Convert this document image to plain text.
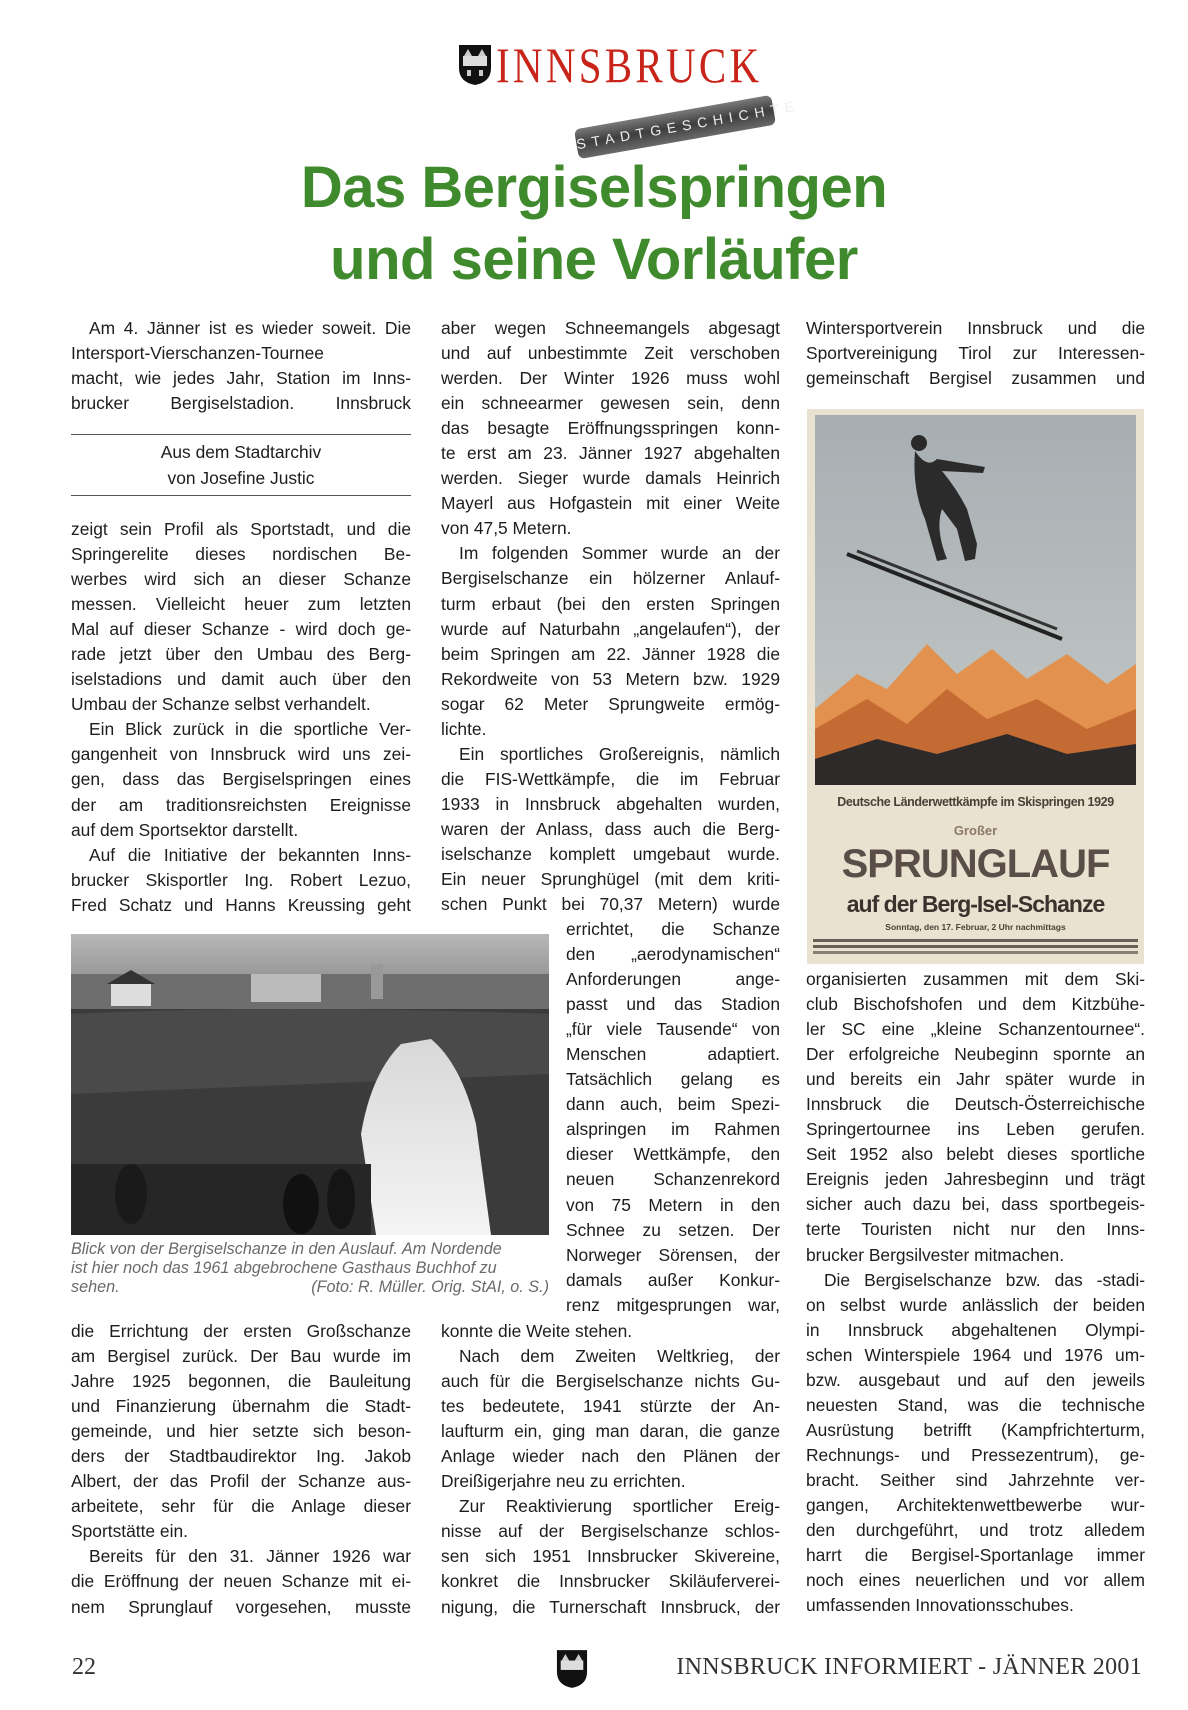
INNSBRUCK
STADTGESCHICHTE
Das Bergiselspringen
und seine Vorläufer
Am 4. Jänner ist es wieder soweit. Die
Intersport-Vierschanzen-Tournee
macht, wie jedes Jahr, Station im Inns-
brucker Bergiselstadion. Innsbruck
Aus dem Stadtarchiv
von Josefine Justic
zeigt sein Profil als Sportstadt, und die
Springerelite dieses nordischen Be-
werbes wird sich an dieser Schanze
messen. Vielleicht heuer zum letzten
Mal auf dieser Schanze - wird doch ge-
rade jetzt über den Umbau des Berg-
iselstadions und damit auch über den
Umbau der Schanze selbst verhandelt.
Ein Blick zurück in die sportliche Ver-
gangenheit von Innsbruck wird uns zei-
gen, dass das Bergiselspringen eines
der am traditionsreichsten Ereignisse
auf dem Sportsektor darstellt.
Auf die Initiative der bekannten Inns-
brucker Skisportler Ing. Robert Lezuo,
Fred Schatz und Hanns Kreussing geht
Blick von der Bergiselschanze in den Auslauf. Am Nordende
ist hier noch das 1961 abgebrochene Gasthaus Buchhof zu
sehen.	(Foto: R. Müller. Orig. StAI, o. S.)
die Errichtung der ersten Großschanze
am Bergisel zurück. Der Bau wurde im
Jahre 1925 begonnen, die Bauleitung
und Finanzierung übernahm die Stadt-
gemeinde, und hier setzte sich beson-
ders der Stadtbaudirektor Ing. Jakob
Albert, der das Profil der Schanze aus-
arbeitete, sehr für die Anlage dieser
Sportstätte ein.
Bereits für den 31. Jänner 1926 war
die Eröffnung der neuen Schanze mit ei-
nem Sprunglauf vorgesehen, musste
aber wegen Schneemangels abgesagt
und auf unbestimmte Zeit verschoben
werden. Der Winter 1926 muss wohl
ein schneearmer gewesen sein, denn
das besagte Eröffnungsspringen konn-
te erst am 23. Jänner 1927 abgehalten
werden. Sieger wurde damals Heinrich
Mayerl aus Hofgastein mit einer Weite
von 47,5 Metern.
Im folgenden Sommer wurde an der
Bergiselschanze ein hölzerner Anlauf-
turm erbaut (bei den ersten Springen
wurde auf Naturbahn „angelaufen“), der
beim Springen am 22. Jänner 1928 die
Rekordweite von 53 Metern bzw. 1929
sogar 62 Meter Sprungweite ermög-
lichte.
Ein sportliches Großereignis, nämlich
die FIS-Wettkämpfe, die im Februar
1933 in Innsbruck abgehalten wurden,
waren der Anlass, dass auch die Berg-
iselschanze komplett umgebaut wurde.
Ein neuer Sprunghügel (mit dem kriti-
schen Punkt bei 70,37 Metern) wurde
errichtet, die Schanze
den „aerodynamischen“
Anforderungen ange-
passt und das Stadion
„für viele Tausende“ von
Menschen adaptiert.
Tatsächlich gelang es
dann auch, beim Spezi-
alspringen im Rahmen
dieser Wettkämpfe, den
neuen Schanzenrekord
von 75 Metern in den
Schnee zu setzen. Der
Norweger Sörensen, der
damals außer Konkur-
renz mitgesprungen war,
konnte die Weite stehen.
Nach dem Zweiten Weltkrieg, der
auch für die Bergiselschanze nichts Gu-
tes bedeutete, 1941 stürzte der An-
laufturm ein, ging man daran, die ganze
Anlage wieder nach den Plänen der
Dreißigerjahre neu zu errichten.
Zur Reaktivierung sportlicher Ereig-
nisse auf der Bergiselschanze schlos-
sen sich 1951 Innsbrucker Skivereine,
konkret die Innsbrucker Skiläuferverei-
nigung, die Turnerschaft Innsbruck, der
Wintersportverein Innsbruck und die
Sportvereinigung Tirol zur Interessen-
gemeinschaft Bergisel zusammen und
Deutsche Länderwettkämpfe im Skispringen 1929
Großer
SPRUNGLAUF
auf der Berg-Isel-Schanze
Sonntag, den 17. Februar, 2 Uhr nachmittags
organisierten zusammen mit dem Ski-
club Bischofshofen und dem Kitzbühe-
ler SC eine „kleine Schanzentournee“.
Der erfolgreiche Neubeginn spornte an
und bereits ein Jahr später wurde in
Innsbruck die Deutsch-Österreichische
Springertournee ins Leben gerufen.
Seit 1952 also belebt dieses sportliche
Ereignis jeden Jahresbeginn und trägt
sicher auch dazu bei, dass sportbegeis-
terte Touristen nicht nur den Inns-
brucker Bergsilvester mitmachen.
Die Bergiselschanze bzw. das -stadi-
on selbst wurde anlässlich der beiden
in Innsbruck abgehaltenen Olympi-
schen Winterspiele 1964 und 1976 um-
bzw. ausgebaut und auf den jeweils
neuesten Stand, was die technische
Ausrüstung betrifft (Kampfrichterturm,
Rechnungs- und Pressezentrum), ge-
bracht. Seither sind Jahrzehnte ver-
gangen, Architektenwettbewerbe wur-
den durchgeführt, und trotz alledem
harrt die Bergisel-Sportanlage immer
noch eines neuerlichen und vor allem
umfassenden Innovationsschubes.
22	INNSBRUCK INFORMIERT - JÄNNER 2001
